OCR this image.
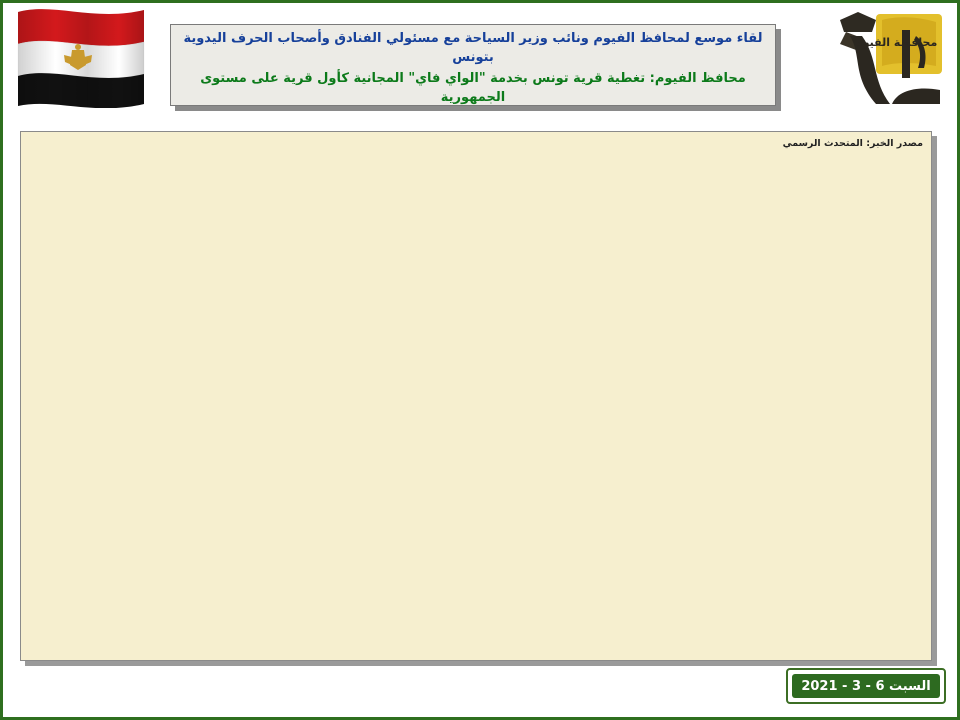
محافظة الفيوم
لقاء موسع لمحافظ الفيوم ونائب وزير السياحة مع مسئولي الفنادق وأصحاب الحرف اليدوية بتونس
محافظ الفيوم: تغطية قرية تونس بخدمة "الواي فاي" المجانية كأول قرية على مستوى الجمهورية

مصدر الخبر: المتحدث الرسمي

السبت 6 - 3 - 2021
